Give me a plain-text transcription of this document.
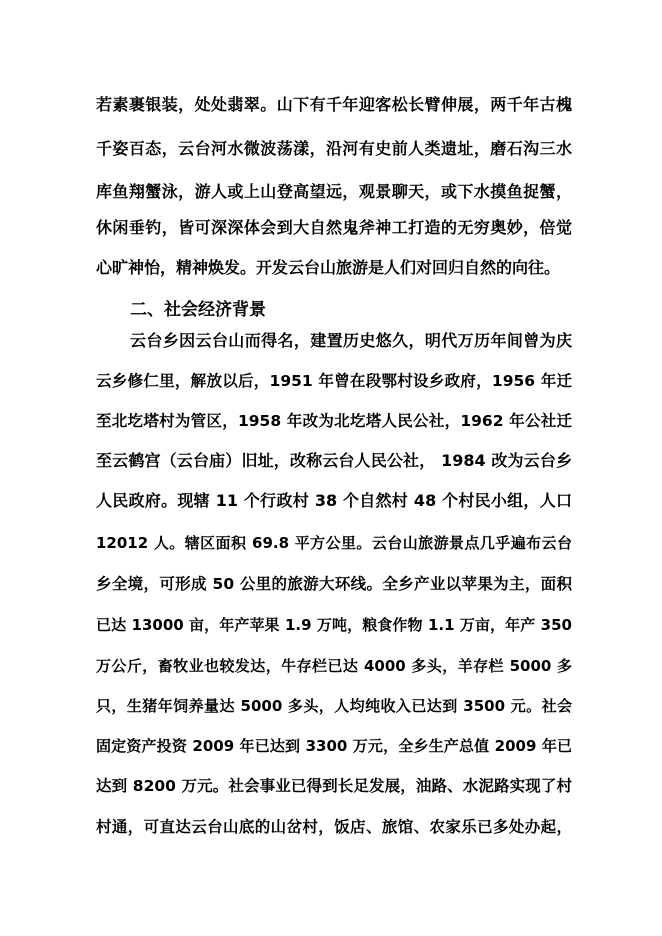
若素裹银装，处处翡翠。山下有千年迎客松长臂伸展，两千年古槐
千姿百态，云台河水微波荡漾，沿河有史前人类遗址，磨石沟三水
库鱼翔蟹泳，游人或上山登高望远，观景聊天，或下水摸鱼捉蟹，
休闲垂钓，皆可深深体会到大自然鬼斧神工打造的无穷奥妙，倍觉
心旷神怡，精神焕发。开发云台山旅游是人们对回归自然的向往。
二、社会经济背景
云台乡因云台山而得名，建置历史悠久，明代万历年间曾为庆
云乡修仁里，解放以后，1951 年曾在段鄂村设乡政府，1956 年迁
至北圪塔村为管区，1958 年改为北圪塔人民公社，1962 年公社迁
至云鹤宫（云台庙）旧址，改称云台人民公社， 1984 改为云台乡
人民政府。现辖 11 个行政村 38 个自然村 48 个村民小组，人口
12012 人。辖区面积 69.8 平方公里。云台山旅游景点几乎遍布云台
乡全境，可形成 50 公里的旅游大环线。全乡产业以苹果为主，面积
已达 13000 亩，年产苹果 1.9 万吨，粮食作物 1.1 万亩，年产 350
万公斤，畜牧业也较发达，牛存栏已达 4000 多头，羊存栏 5000 多
只，生猪年饲养量达 5000 多头，人均纯收入已达到 3500 元。社会
固定资产投资 2009 年已达到 3300 万元，全乡生产总值 2009 年已
达到 8200 万元。社会事业已得到长足发展，油路、水泥路实现了村
村通，可直达云台山底的山岔村，饭店、旅馆、农家乐已多处办起，
